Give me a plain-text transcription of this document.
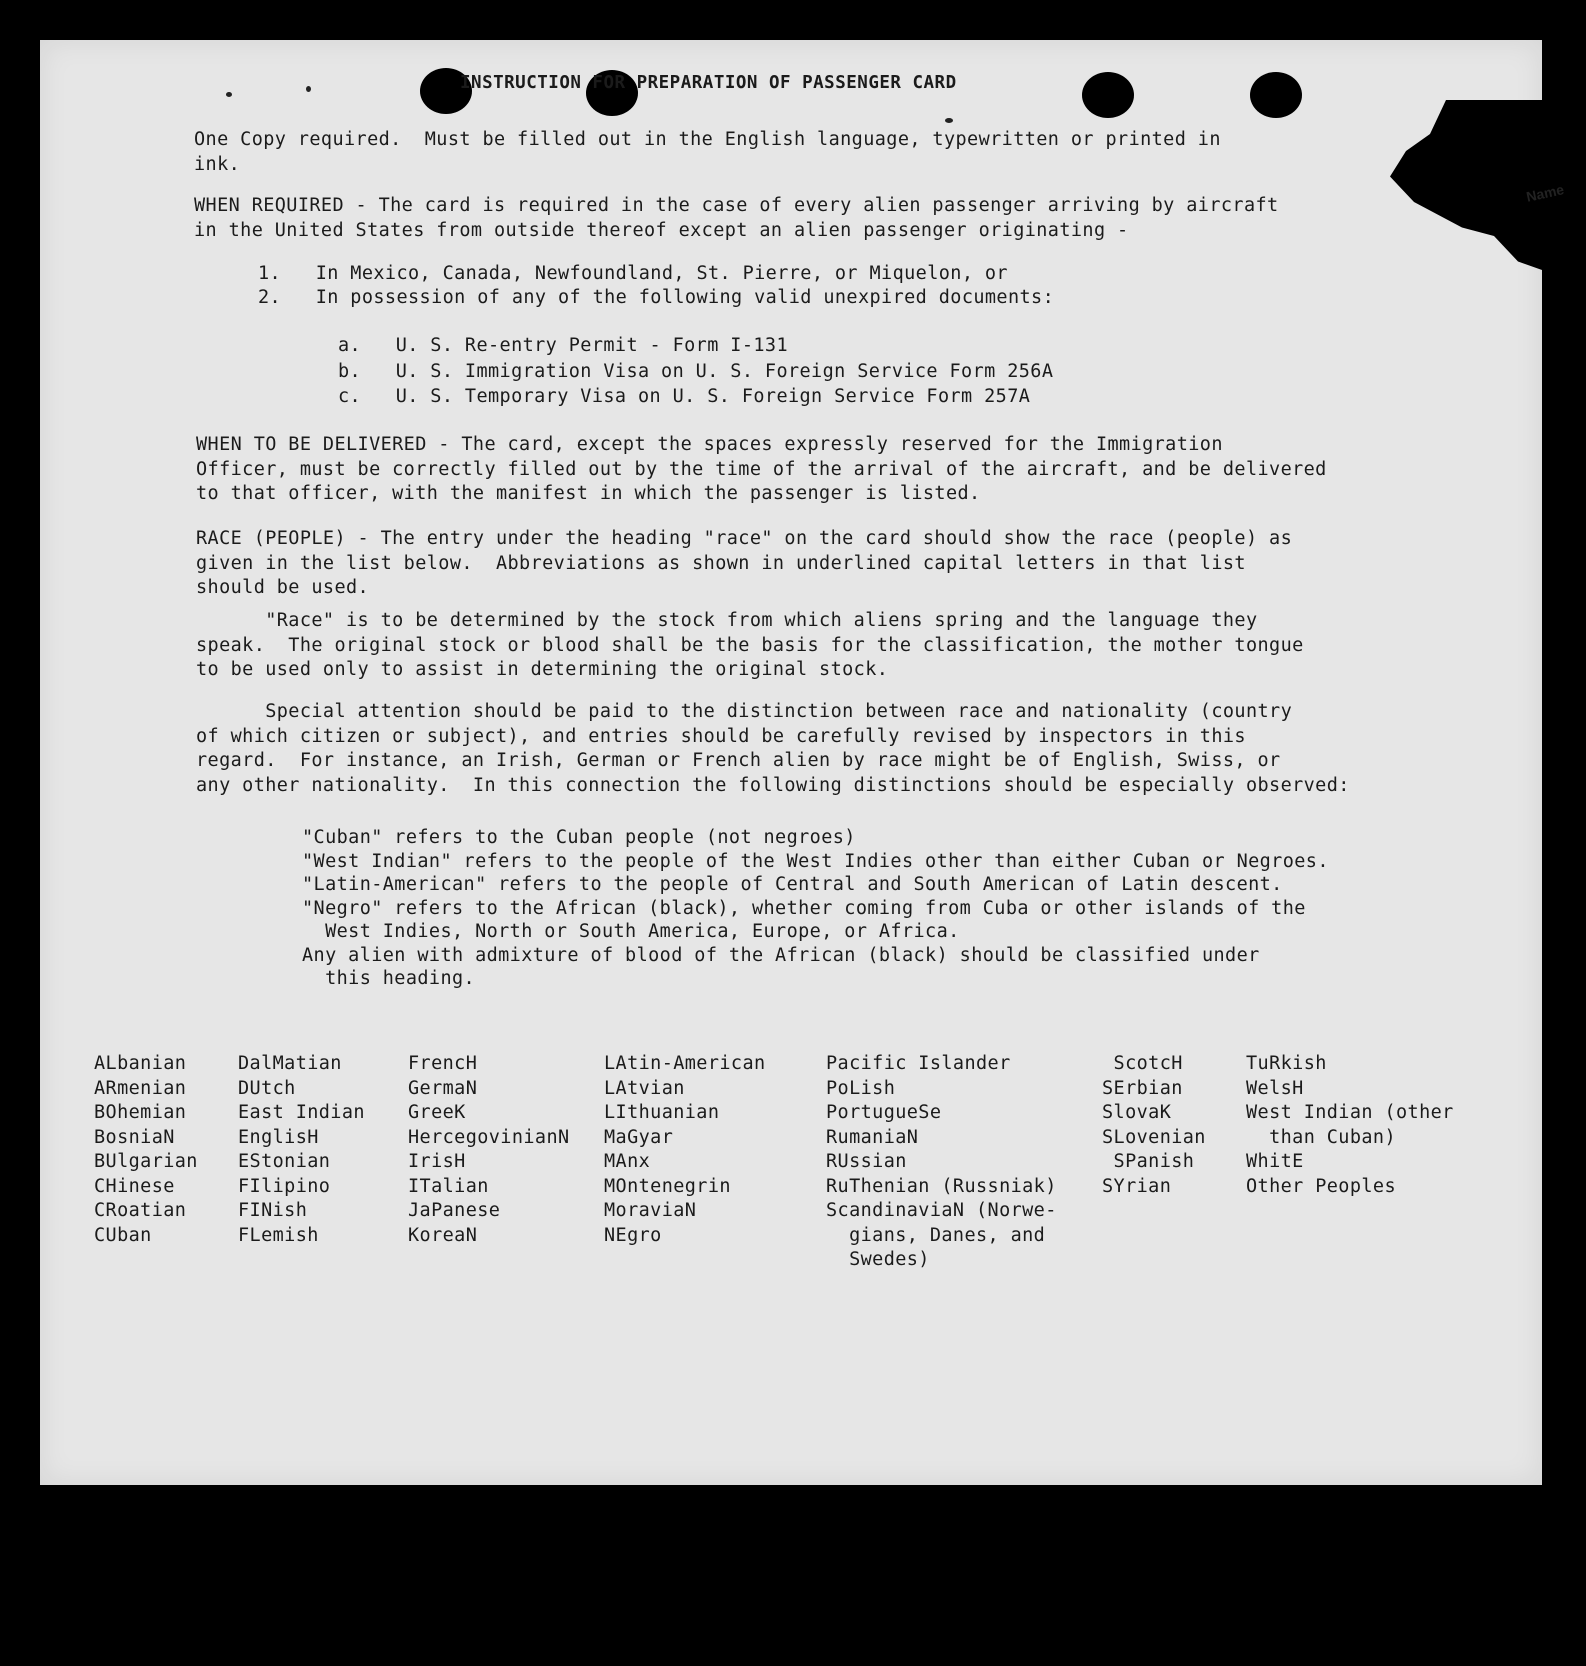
Name
INSTRUCTION FOR PREPARATION OF PASSENGER CARD
One Copy required.  Must be filled out in the English language, typewritten or printed in
ink.
WHEN REQUIRED - The card is required in the case of every alien passenger arriving by aircraft
in the United States from outside thereof except an alien passenger originating -
1.   In Mexico, Canada, Newfoundland, St. Pierre, or Miquelon, or
2.   In possession of any of the following valid unexpired documents:
a.   U. S. Re-entry Permit - Form I-131
b.   U. S. Immigration Visa on U. S. Foreign Service Form 256A
c.   U. S. Temporary Visa on U. S. Foreign Service Form 257A
WHEN TO BE DELIVERED - The card, except the spaces expressly reserved for the Immigration
Officer, must be correctly filled out by the time of the arrival of the aircraft, and be delivered
to that officer, with the manifest in which the passenger is listed.
RACE (PEOPLE) - The entry under the heading "race" on the card should show the race (people) as
given in the list below.  Abbreviations as shown in underlined capital letters in that list
should be used.
"Race" is to be determined by the stock from which aliens spring and the language they
speak.  The original stock or blood shall be the basis for the classification, the mother tongue
to be used only to assist in determining the original stock.
Special attention should be paid to the distinction between race and nationality (country
of which citizen or subject), and entries should be carefully revised by inspectors in this
regard.  For instance, an Irish, German or French alien by race might be of English, Swiss, or
any other nationality.  In this connection the following distinctions should be especially observed:
"Cuban" refers to the Cuban people (not negroes)
"West Indian" refers to the people of the West Indies other than either Cuban or Negroes.
"Latin-American" refers to the people of Central and South American of Latin descent.
"Negro" refers to the African (black), whether coming from Cuba or other islands of the
West Indies, North or South America, Europe, or Africa.
Any alien with admixture of blood of the African (black) should be classified under
this heading.
ALbanian
ARmenian
BOhemian
BosniaN
BUlgarian
CHinese
CRoatian
CUban
DalMatian
DUtch
East Indian
EnglisH
EStonian
FIlipino
FINish
FLemish
FrencH
GermaN
GreeK
HercegovinianN
IrisH
ITalian
JaPanese
KoreaN
LAtin-American
LAtvian
LIthuanian
MaGyar
MAnx
MOntenegrin
MoraviaN
NEgro
Pacific Islander
PoLish
PortugueSe
RumaniaN
RUssian
RuThenian (Russniak)
ScandinaviaN (Norwe-
gians, Danes, and
Swedes)
ScotcH
SErbian
SlovaK
SLovenian
SPanish
SYrian
TuRkish
WelsH
West Indian (other
than Cuban)
WhitE
Other Peoples
